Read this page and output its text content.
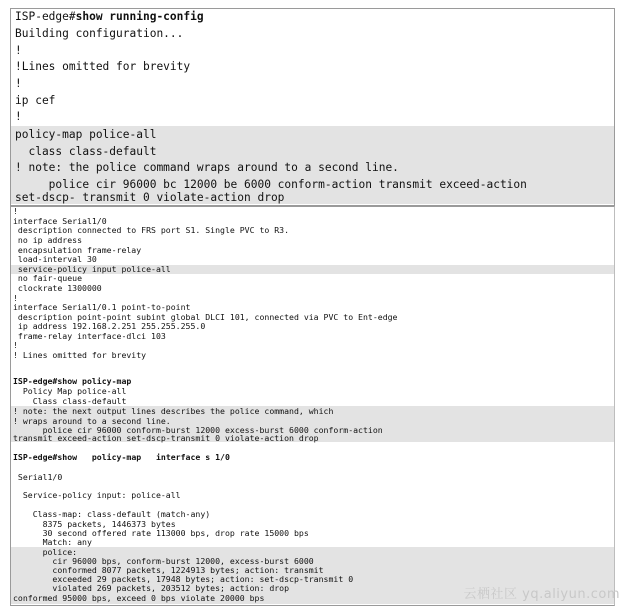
ISP-edge#show running-config
Building configuration...
!
!Lines omitted for brevity
!
ip cef
!
policy-map police-all
class class-default
! note: the police command wraps around to a second line.
police cir 96000 bc 12000 be 6000 conform-action transmit exceed-action
set-dscp- transmit 0 violate-action drop
!
interface Serial1/0
description connected to FRS port S1. Single PVC to R3.
no ip address
encapsulation frame-relay
load-interval 30
service-policy input police-all
no fair-queue
clockrate 1300000
!
interface Serial1/0.1 point-to-point
description point-point subint global DLCI 101, connected via PVC to Ent-edge
ip address 192.168.2.251 255.255.255.0
frame-relay interface-dlci 103
!
! Lines omitted for brevity
ISP-edge#show policy-map
Policy Map police-all
Class class-default
! note: the next output lines describes the police command, which
! wraps around to a second line.
police cir 96000 conform-burst 12000 excess-burst 6000 conform-action
transmit exceed-action set-dscp-transmit 0 violate-action drop
ISP-edge#show   policy-map   interface s 1/0
Serial1/0
Service-policy input: police-all
Class-map: class-default (match-any)
8375 packets, 1446373 bytes
30 second offered rate 113000 bps, drop rate 15000 bps
Match: any
police:
cir 96000 bps, conform-burst 12000, excess-burst 6000
conformed 8077 packets, 1224913 bytes; action: transmit
exceeded 29 packets, 17948 bytes; action: set-dscp-transmit 0
violated 269 packets, 203512 bytes; action: drop
conformed 95000 bps, exceed 0 bps violate 20000 bps	云栖社区 yq.aliyun.com
